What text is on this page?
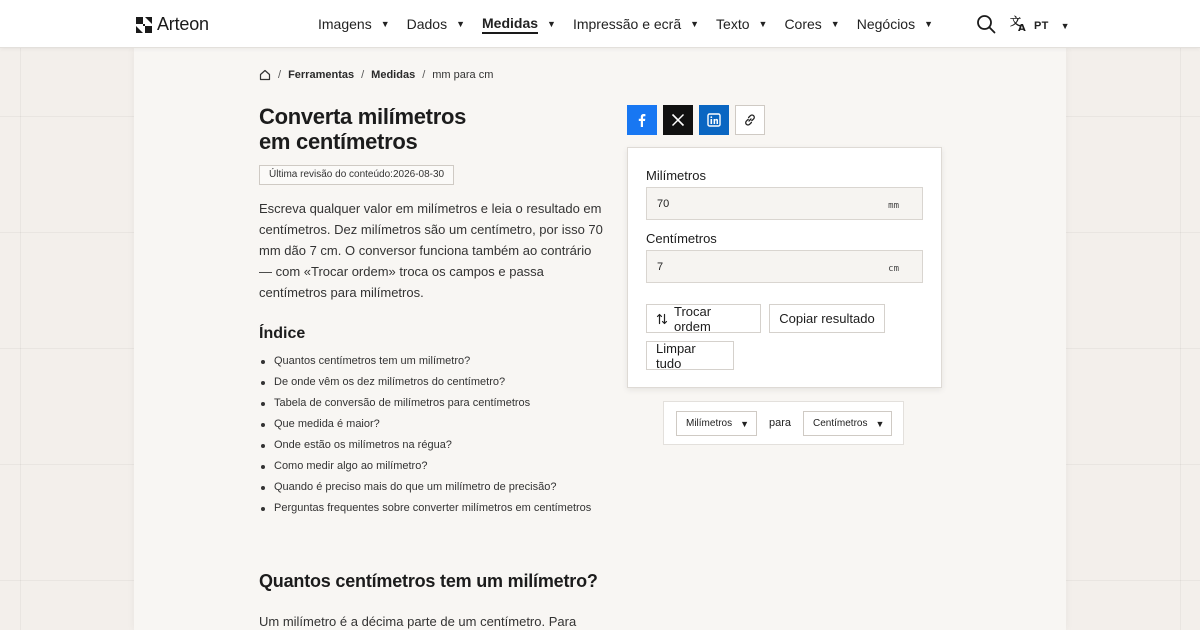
Arteon	Imagens ▼ Dados ▼ Medidas ▼ Impressão e ecrã ▼ Texto ▼ Cores ▼ Negócios ▼	文
A PT ▼
/ Ferramentas / Medidas / mm para cm
Converta milímetros
em centímetros
Última revisão do conteúdo:2026-08-30

Escreva qualquer valor em milímetros e leia o resultado em centímetros. Dez milímetros são um centímetro, por isso 70 mm dão 7 cm. O conversor funciona também ao contrário — com «Trocar ordem» troca os campos e passa centímetros para milímetros.

Índice
Quantos centímetros tem um milímetro?
De onde vêm os dez milímetros do centímetro?
Tabela de conversão de milímetros para centímetros
Que medida é maior?
Onde estão os milímetros na régua?
Como medir algo ao milímetro?
Quando é preciso mais do que um milímetro de precisão?
Perguntas frequentes sobre converter milímetros em centímetros
Quantos centímetros tem um milímetro?

Um milímetro é a décima parte de um centímetro. Para

Milímetros
70
mm
Centímetros
7
cm
Trocar ordem	Copiar resultado
Limpar tudo
Milímetros ▼ para Centímetros ▼
